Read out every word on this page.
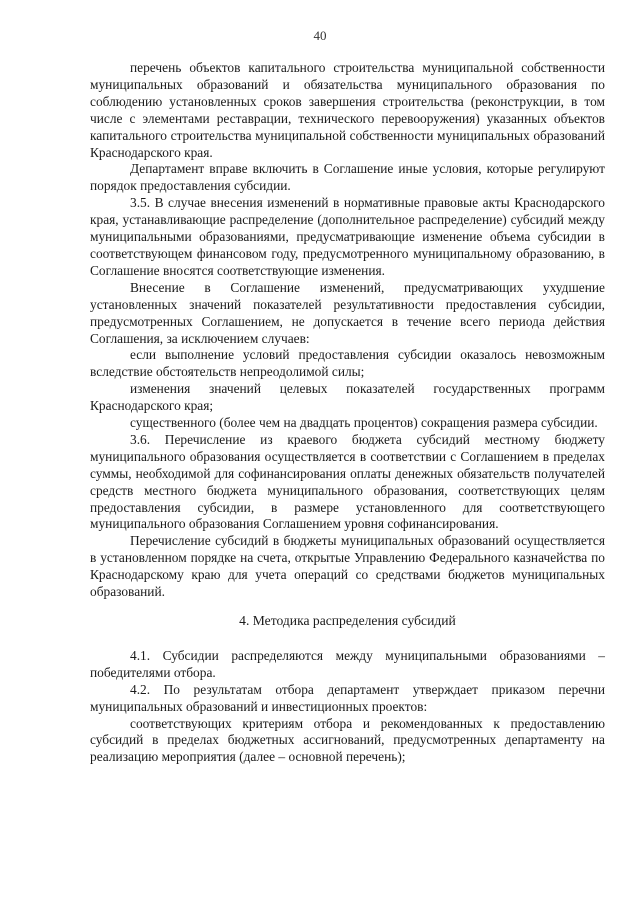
40

перечень объектов капитального строительства муниципальной собственности муниципальных образований и обязательства муниципального образования по соблюдению установленных сроков завершения строительства (реконструкции, в том числе с элементами реставрации, технического перевооружения) указанных объектов капитального строительства муниципальной собственности муниципальных образований Краснодарского края.

Департамент вправе включить в Соглашение иные условия, которые регулируют порядок предоставления субсидии.

3.5. В случае внесения изменений в нормативные правовые акты Краснодарского края, устанавливающие распределение (дополнительное распределение) субсидий между муниципальными образованиями, предусматривающие изменение объема субсидии в соответствующем финансовом году, предусмотренного муниципальному образованию, в Соглашение вносятся соответствующие изменения.

Внесение в Соглашение изменений, предусматривающих ухудшение установленных значений показателей результативности предоставления субсидии, предусмотренных Соглашением, не допускается в течение всего периода действия Соглашения, за исключением случаев:

если выполнение условий предоставления субсидии оказалось невозможным вследствие обстоятельств непреодолимой силы;

изменения значений целевых показателей государственных программ Краснодарского края;

существенного (более чем на двадцать процентов) сокращения размера субсидии.

3.6. Перечисление из краевого бюджета субсидий местному бюджету муниципального образования осуществляется в соответствии с Соглашением в пределах суммы, необходимой для софинансирования оплаты денежных обязательств получателей средств местного бюджета муниципального образования, соответствующих целям предоставления субсидии, в размере установленного для соответствующего муниципального образования Соглашением уровня софинансирования.

Перечисление субсидий в бюджеты муниципальных образований осуществляется в установленном порядке на счета, открытые Управлению Федерального казначейства по Краснодарскому краю для учета операций со средствами бюджетов муниципальных образований.

4. Методика распределения субсидий

4.1. Субсидии распределяются между муниципальными образованиями – победителями отбора.

4.2. По результатам отбора департамент утверждает приказом перечни муниципальных образований и инвестиционных проектов:

соответствующих критериям отбора и рекомендованных к предоставлению субсидий в пределах бюджетных ассигнований, предусмотренных департаменту на реализацию мероприятия (далее – основной перечень);
